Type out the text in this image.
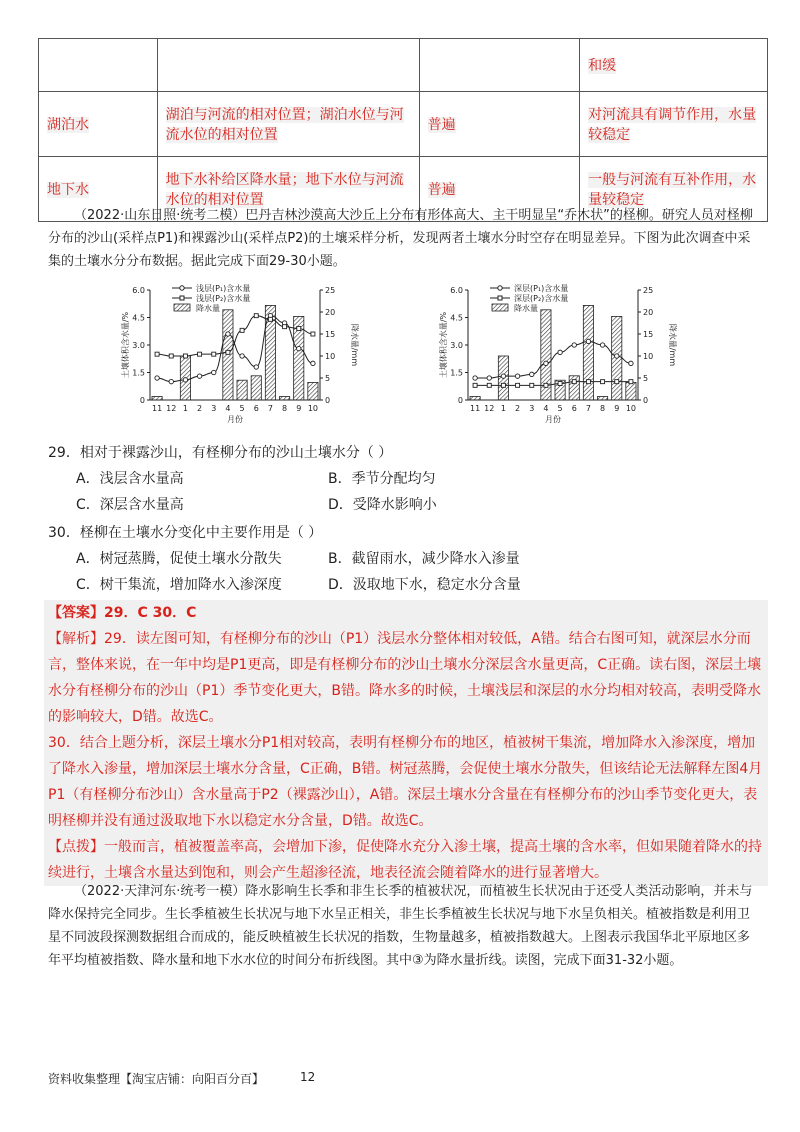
			和缓
湖泊水	湖泊与河流的相对位置；湖泊水位与河流水位的相对位置	普遍	对河流具有调节作用，水量较稳定
地下水	地下水补给区降水量；地下水位与河流水位的相对位置	普遍	一般与河流有互补作用，水量较稳定

（2022·山东日照·统考二模）巴丹吉林沙漠高大沙丘上分布有形体高大、主干明显呈“乔木状”的柽柳。研究人员对柽柳分布的沙山(采样点P1)和裸露沙山(采样点P2)的土壤采样分析，发现两者土壤水分时空存在明显差异。下图为此次调查中采集的土壤水分分布数据。据此完成下面29-30小题。

0
1.5
3.0
4.5
6.0
0
5
10
15
20
25
土壤体积含水量/%	降水量/mm
11 12 1 2 3 4 5 6 7 8 9 10
月份
浅层(P₁)含水量
浅层(P₂)含水量
降水量
0
1.5
3.0
4.5
6.0
0
5
10
15
20
25
土壤体积含水量/%	降水量/mm
11 12 1 2 3 4 5 6 7 8 9 10
月份
深层(P₁)含水量
深层(P₂)含水量
降水量
29．相对于裸露沙山，有柽柳分布的沙山土壤水分（ ）
A．浅层含水量高	B．季节分配均匀
C．深层含水量高	D．受降水影响小
30．柽柳在土壤水分变化中主要作用是（ ）
A．树冠蒸腾，促使土壤水分散失	B．截留雨水，减少降水入渗量
C．树干集流，增加降水入渗深度	D．汲取地下水，稳定水分含量

【答案】29．C 30．C

【解析】29．读左图可知，有柽柳分布的沙山（P1）浅层水分整体相对较低，A错。结合右图可知，就深层水分而言，整体来说，在一年中均是P1更高，即是有柽柳分布的沙山土壤水分深层含水量更高，C正确。读右图，深层土壤水分有柽柳分布的沙山（P1）季节变化更大，B错。降水多的时候，土壤浅层和深层的水分均相对较高，表明受降水的影响较大，D错。故选C。

30．结合上题分析，深层土壤水分P1相对较高，表明有柽柳分布的地区，植被树干集流，增加降水入渗深度，增加了降水入渗量，增加深层土壤水分含量，C正确，B错。树冠蒸腾，会促使土壤水分散失，但该结论无法解释左图4月P1（有柽柳分布沙山）含水量高于P2（裸露沙山），A错。深层土壤水分含量在有柽柳分布的沙山季节变化更大，表明柽柳并没有通过汲取地下水以稳定水分含量，D错。故选C。

【点拨】一般而言，植被覆盖率高，会增加下渗，促使降水充分入渗土壤，提高土壤的含水率，但如果随着降水的持续进行，土壤含水量达到饱和，则会产生超渗径流，地表径流会随着降水的进行显著增大。

（2022·天津河东·统考一模）降水影响生长季和非生长季的植被状况，而植被生长状况由于还受人类活动影响，并未与降水保持完全同步。生长季植被生长状况与地下水呈正相关，非生长季植被生长状况与地下水呈负相关。植被指数是利用卫星不同波段探测数据组合而成的，能反映植被生长状况的指数，生物量越多，植被指数越大。上图表示我国华北平原地区多年平均植被指数、降水量和地下水水位的时间分布折线图。其中③为降水量折线。读图，完成下面31-32小题。

资料收集整理【淘宝店铺：向阳百分百】	12
